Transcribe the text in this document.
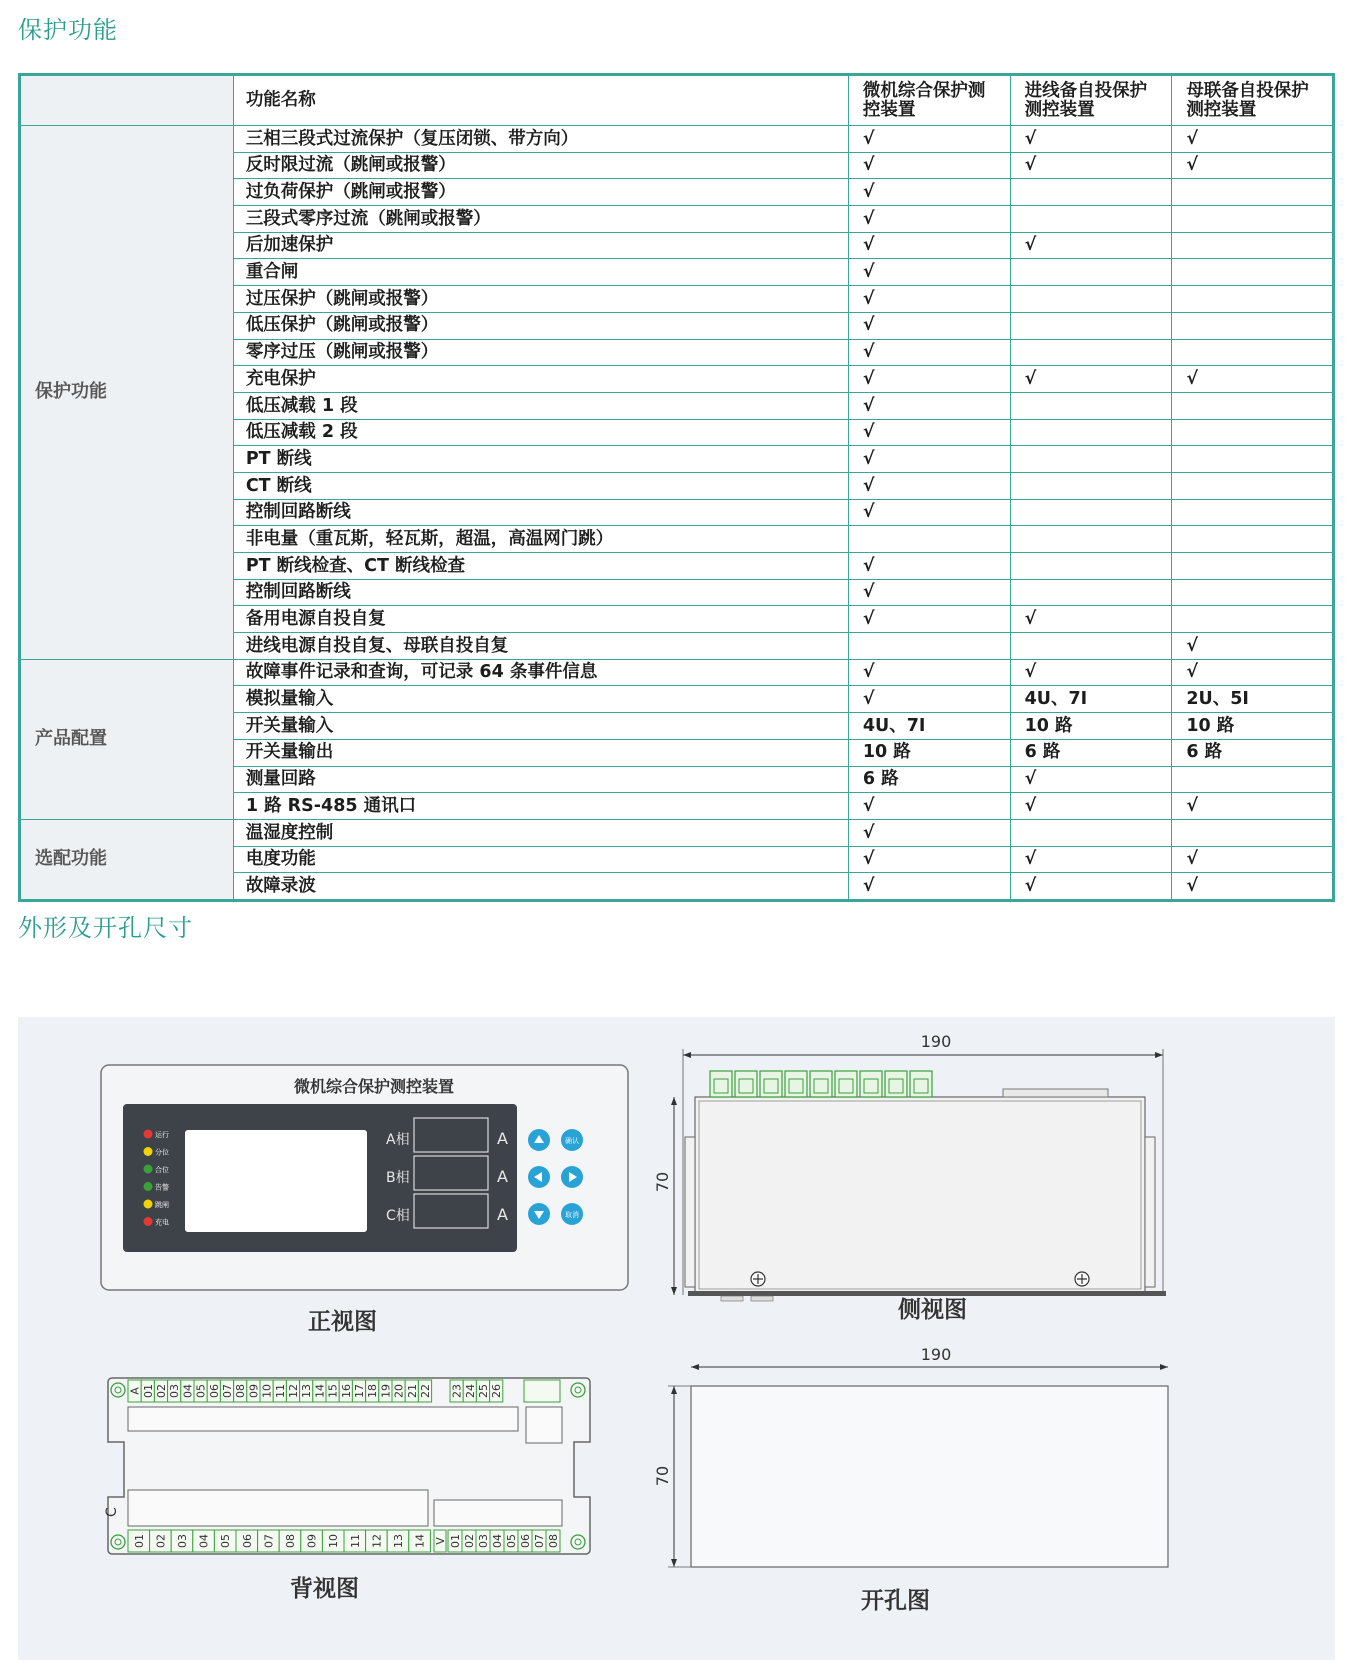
保护功能
	功能名称	微机综合保护测控装置	进线备自投保护测控装置	母联备自投保护测控装置
保护功能	三相三段式过流保护（复压闭锁、带方向）	√	√	√
	反时限过流（跳闸或报警）	√	√	√
	过负荷保护（跳闸或报警）	√		
	三段式零序过流（跳闸或报警）	√		
	后加速保护	√	√	
	重合闸	√		
	过压保护（跳闸或报警）	√		
	低压保护（跳闸或报警）	√		
	零序过压（跳闸或报警）	√		
	充电保护	√	√	√
	低压减载 1 段	√		
	低压减载 2 段	√		
	PT 断线	√		
	CT 断线	√		
	控制回路断线	√		
	非电量（重瓦斯，轻瓦斯，超温，高温网门跳）			
	PT 断线检查、CT 断线检查	√		
	控制回路断线	√		
	备用电源自投自复	√	√	
	进线电源自投自复、母联自投自复			√
产品配置	故障事件记录和查询，可记录 64 条事件信息	√	√	√
	模拟量输入	√	4U、7I	2U、5I
	开关量输入	4U、7I	10 路	10 路
	开关量输出	10 路	6 路	6 路
	测量回路	6 路	√	
	1 路 RS-485 通讯口	√	√	√
选配功能	温湿度控制	√		
	电度功能	√	√	√
	故障录波	√	√	√
外形及开孔尺寸
微机综合保护测控装置
运行
分位
合位
告警
跳闸
充电
A相	A
B相	A
C相	A
确认
取消
正视图
190
70
侧视图
A 01 02 03 04 05 06 07 08 09 10 11 12 13 14 15 16 17 18 19 20 21 22 23 24 25 26
01 02 03 04 05 06 07 08 09 10 11 12 13 14 V 01 02 03 04 05 06 07 08
C
背视图
190
70
开孔图
